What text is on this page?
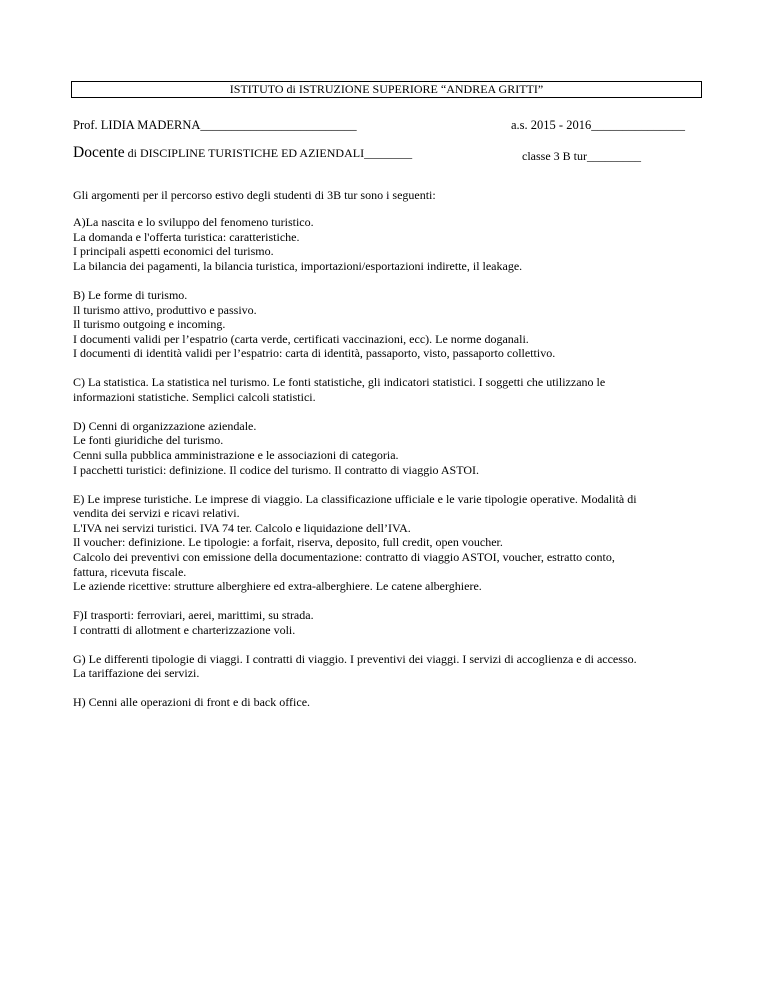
ISTITUTO di ISTRUZIONE SUPERIORE “ANDREA GRITTI”
Prof. LIDIA MADERNA_________________________	a.s. 2015 - 2016_______________
Docente di DISCIPLINE TURISTICHE ED AZIENDALI________	classe 3 B tur_________

Gli argomenti per il percorso estivo degli studenti di 3B tur sono i seguenti:

A)La nascita e lo sviluppo del fenomeno turistico.
La domanda e l'offerta turistica: caratteristiche.
I principali aspetti economici del turismo.
La bilancia dei pagamenti, la bilancia turistica, importazioni/esportazioni indirette, il leakage.

B) Le forme di turismo.
Il turismo attivo, produttivo e passivo.
Il turismo outgoing e incoming.
I documenti validi per l’espatrio (carta verde, certificati vaccinazioni, ecc). Le norme doganali.
I documenti di identità validi per l’espatrio: carta di identità, passaporto, visto, passaporto collettivo.

C) La statistica. La statistica nel turismo. Le fonti statistiche, gli indicatori statistici. I soggetti che utilizzano le
informazioni statistiche. Semplici calcoli statistici.

D) Cenni di organizzazione aziendale.
Le fonti giuridiche del turismo.
Cenni sulla pubblica amministrazione e le associazioni di categoria.
I pacchetti turistici: definizione. Il codice del turismo. Il contratto di viaggio ASTOI.

E) Le imprese turistiche. Le imprese di viaggio. La classificazione ufficiale e le varie tipologie operative. Modalità di
vendita dei servizi e ricavi relativi.
L'IVA nei servizi turistici. IVA 74 ter. Calcolo e liquidazione dell’IVA.
Il voucher: definizione. Le tipologie: a forfait, riserva, deposito, full credit, open voucher.
Calcolo dei preventivi con emissione della documentazione: contratto di viaggio ASTOI, voucher, estratto conto,
fattura, ricevuta fiscale.
Le aziende ricettive: strutture alberghiere ed extra-alberghiere. Le catene alberghiere.

F)I trasporti: ferroviari, aerei, marittimi, su strada.
I contratti di allotment e charterizzazione voli.

G) Le differenti tipologie di viaggi. I contratti di viaggio. I preventivi dei viaggi. I servizi di accoglienza e di accesso.
La tariffazione dei servizi.

H) Cenni alle operazioni di front e di back office.
